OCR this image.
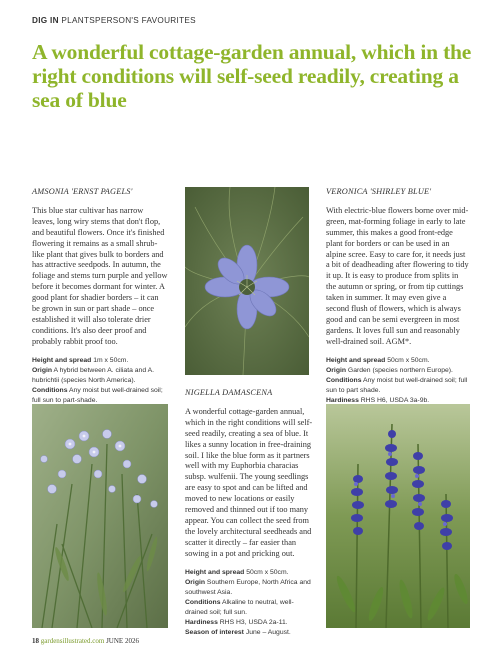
DIG IN PLANTSPERSON'S FAVOURITES
A wonderful cottage-garden annual, which in the right conditions will self-seed readily, creating a sea of blue
AMSONIA 'ERNST PAGELS'

This blue star cultivar has narrow leaves, long wiry stems that don't flop, and beautiful flowers. Once it's finished flowering it remains as a small shrub-like plant that gives bulk to borders and has attractive seedpods. In autumn, the foliage and stems turn purple and yellow before it becomes dormant for winter. A good plant for shadier borders – it can be grown in sun or part shade – once established it will also tolerate drier conditions. It's also deer proof and probably rabbit proof too.

Height and spread 1m x 50cm.

Origin A hybrid between A. ciliata and A. hubrichtii (species North America).

Conditions Any moist but well-drained soil; full sun to part-shade.

NIGELLA DAMASCENA

A wonderful cottage-garden annual, which in the right conditions will self-seed readily, creating a sea of blue. It likes a sunny location in free-draining soil. I like the blue form as it partners well with my Euphorbia characias subsp. wulfenii. The young seedlings are easy to spot and can be lifted and moved to new locations or easily removed and thinned out if too many appear. You can collect the seed from the lovely architectural seedheads and scatter it directly – far easier than sowing in a pot and pricking out.

Height and spread 50cm x 50cm.

Origin Southern Europe, North Africa and southwest Asia.

Conditions Alkaline to neutral, well-drained soil; full sun.

Hardiness RHS H3, USDA 2a-11.

Season of interest June – August.

VERONICA 'SHIRLEY BLUE'

With electric-blue flowers borne over mid-green, mat-forming foliage in early to late summer, this makes a good front-edge plant for borders or can be used in an alpine scree. Easy to care for, it needs just a bit of deadheading after flowering to tidy it up. It is easy to produce from splits in the autumn or spring, or from tip cuttings taken in summer. It may even give a second flush of flowers, which is always good and can be semi evergreen in most gardens. It loves full sun and reasonably well-drained soil. AGM*.

Height and spread 50cm x 50cm.

Origin Garden (species northern Europe).

Conditions Any moist but well-drained soil; full sun to part shade.

Hardiness RHS H6, USDA 3a-9b.

18 gardensillustrated.com JUNE 2026
